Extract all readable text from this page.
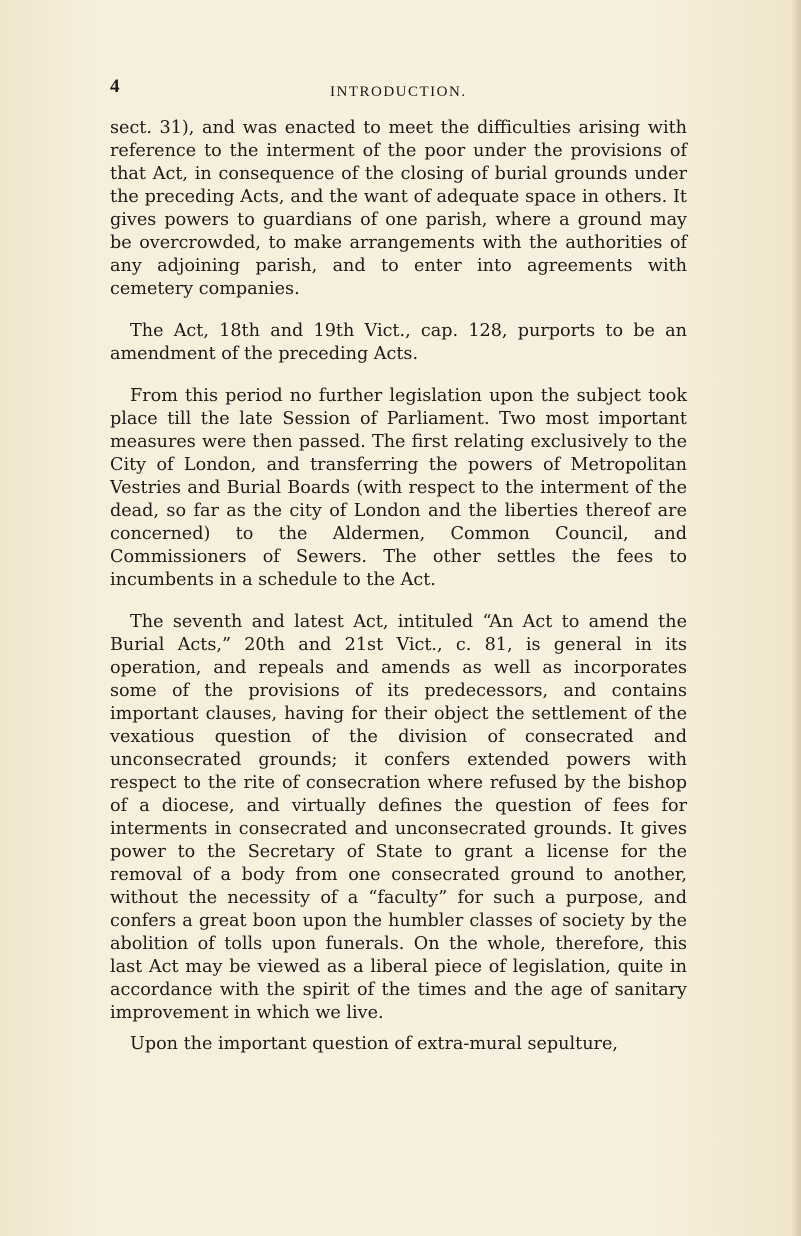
4	INTRODUCTION.

sect. 31), and was enacted to meet the difficulties arising with reference to the interment of the poor under the provisions of that Act, in consequence of the closing of burial grounds under the preceding Acts, and the want of adequate space in others. It gives powers to guardians of one parish, where a ground may be overcrowded, to make arrangements with the authorities of any adjoining parish, and to enter into agreements with cemetery companies.

The Act, 18th and 19th Vict., cap. 128, purports to be an amendment of the preceding Acts.

From this period no further legislation upon the subject took place till the late Session of Parliament. Two most important measures were then passed. The first relating exclusively to the City of London, and transferring the powers of Metropolitan Vestries and Burial Boards (with respect to the interment of the dead, so far as the city of London and the liberties thereof are concerned) to the Aldermen, Common Council, and Commissioners of Sewers. The other settles the fees to incumbents in a schedule to the Act.

The seventh and latest Act, intituled “An Act to amend the Burial Acts,” 20th and 21st Vict., c. 81, is general in its operation, and repeals and amends as well as incorporates some of the provisions of its predecessors, and contains important clauses, having for their object the settlement of the vexatious question of the division of consecrated and unconsecrated grounds; it confers extended powers with respect to the rite of consecration where refused by the bishop of a diocese, and virtually defines the question of fees for interments in consecrated and unconsecrated grounds. It gives power to the Secretary of State to grant a license for the removal of a body from one consecrated ground to another, without the necessity of a “faculty” for such a purpose, and confers a great boon upon the humbler classes of society by the abolition of tolls upon funerals. On the whole, therefore, this last Act may be viewed as a liberal piece of legislation, quite in accordance with the spirit of the times and the age of sanitary improvement in which we live.

Upon the important question of extra-mural sepulture,
